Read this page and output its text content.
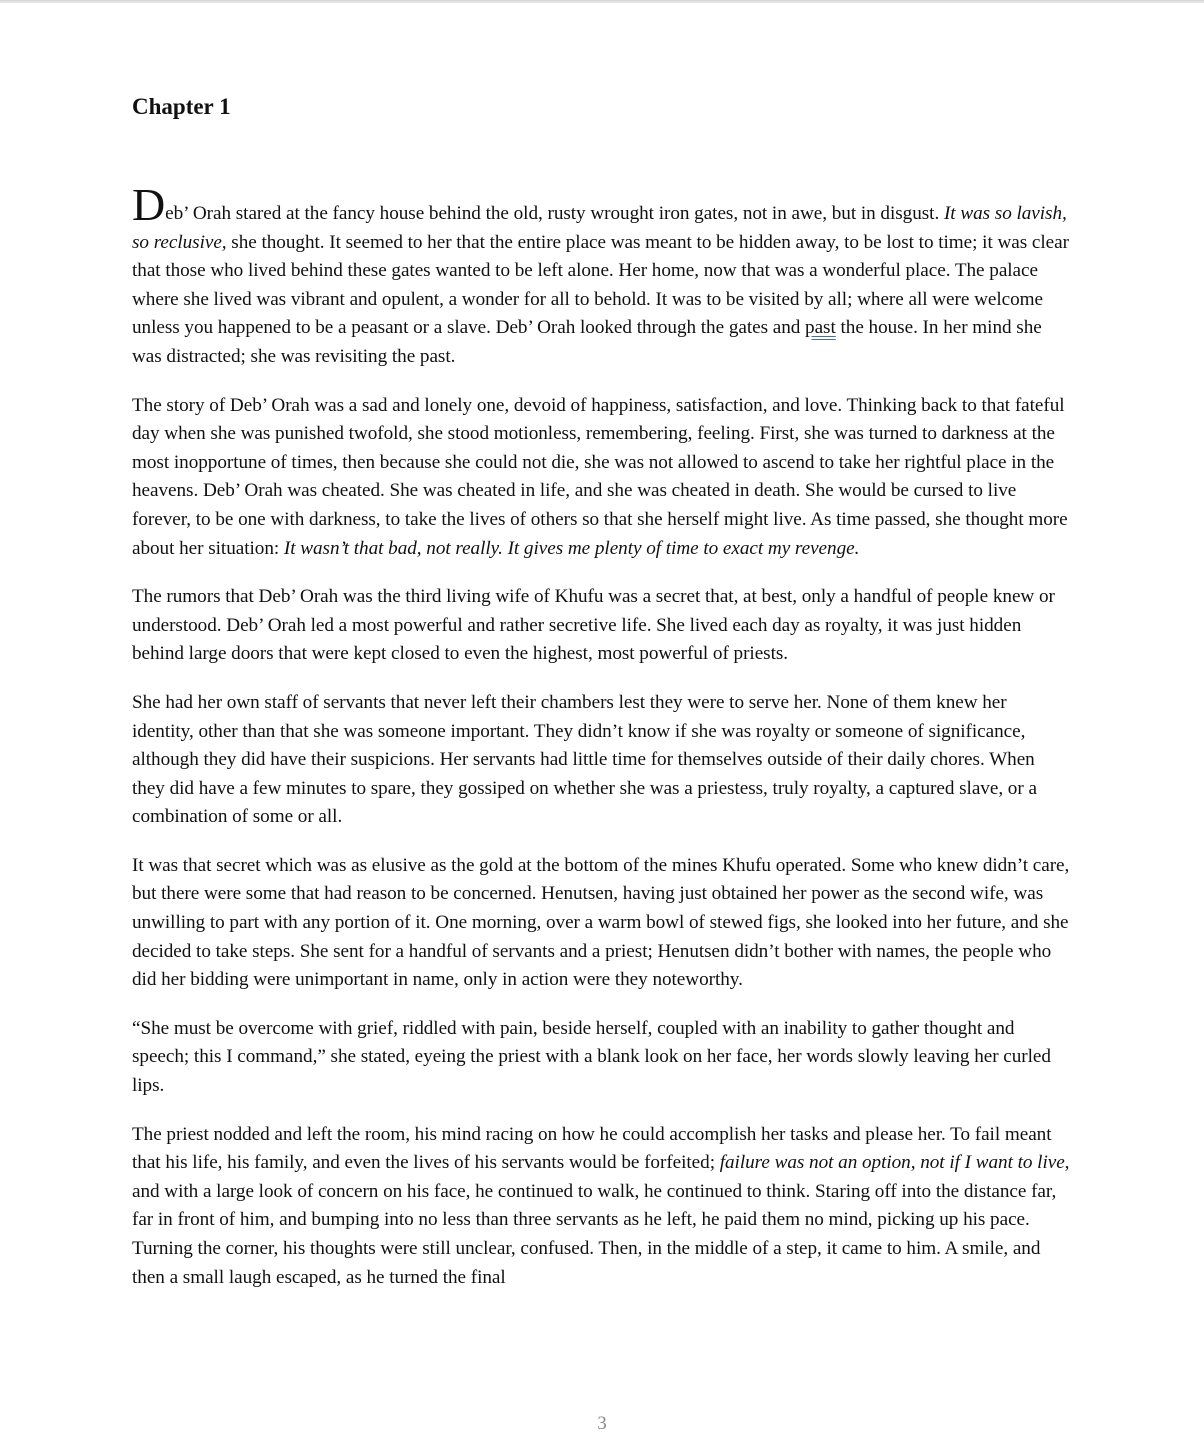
Chapter 1

Deb’ Orah stared at the fancy house behind the old, rusty wrought iron gates, not in awe, but in disgust. It was so lavish, so reclusive, she thought. It seemed to her that the entire place was meant to be hidden away, to be lost to time; it was clear that those who lived behind these gates wanted to be left alone. Her home, now that was a wonderful place. The palace where she lived was vibrant and opulent, a wonder for all to behold. It was to be visited by all; where all were welcome unless you happened to be a peasant or a slave. Deb’ Orah looked through the gates and past the house. In her mind she was distracted; she was revisiting the past.

The story of Deb’ Orah was a sad and lonely one, devoid of happiness, satisfaction, and love. Thinking back to that fateful day when she was punished twofold, she stood motionless, remembering, feeling. First, she was turned to darkness at the most inopportune of times, then because she could not die, she was not allowed to ascend to take her rightful place in the heavens. Deb’ Orah was cheated. She was cheated in life, and she was cheated in death. She would be cursed to live forever, to be one with darkness, to take the lives of others so that she herself might live. As time passed, she thought more about her situation: It wasn’t that bad, not really. It gives me plenty of time to exact my revenge.

The rumors that Deb’ Orah was the third living wife of Khufu was a secret that, at best, only a handful of people knew or understood. Deb’ Orah led a most powerful and rather secretive life. She lived each day as royalty, it was just hidden behind large doors that were kept closed to even the highest, most powerful of priests.

She had her own staff of servants that never left their chambers lest they were to serve her. None of them knew her identity, other than that she was someone important. They didn’t know if she was royalty or someone of significance, although they did have their suspicions. Her servants had little time for themselves outside of their daily chores. When they did have a few minutes to spare, they gossiped on whether she was a priestess, truly royalty, a captured slave, or a combination of some or all.

It was that secret which was as elusive as the gold at the bottom of the mines Khufu operated. Some who knew didn’t care, but there were some that had reason to be concerned. Henutsen, having just obtained her power as the second wife, was unwilling to part with any portion of it. One morning, over a warm bowl of stewed figs, she looked into her future, and she decided to take steps. She sent for a handful of servants and a priest; Henutsen didn’t bother with names, the people who did her bidding were unimportant in name, only in action were they noteworthy.

“She must be overcome with grief, riddled with pain, beside herself, coupled with an inability to gather thought and speech; this I command,” she stated, eyeing the priest with a blank look on her face, her words slowly leaving her curled lips.

The priest nodded and left the room, his mind racing on how he could accomplish her tasks and please her. To fail meant that his life, his family, and even the lives of his servants would be forfeited; failure was not an option, not if I want to live, and with a large look of concern on his face, he continued to walk, he continued to think. Staring off into the distance far, far in front of him, and bumping into no less than three servants as he left, he paid them no mind, picking up his pace. Turning the corner, his thoughts were still unclear, confused. Then, in the middle of a step, it came to him. A smile, and then a small laugh escaped, as he turned the final

3
